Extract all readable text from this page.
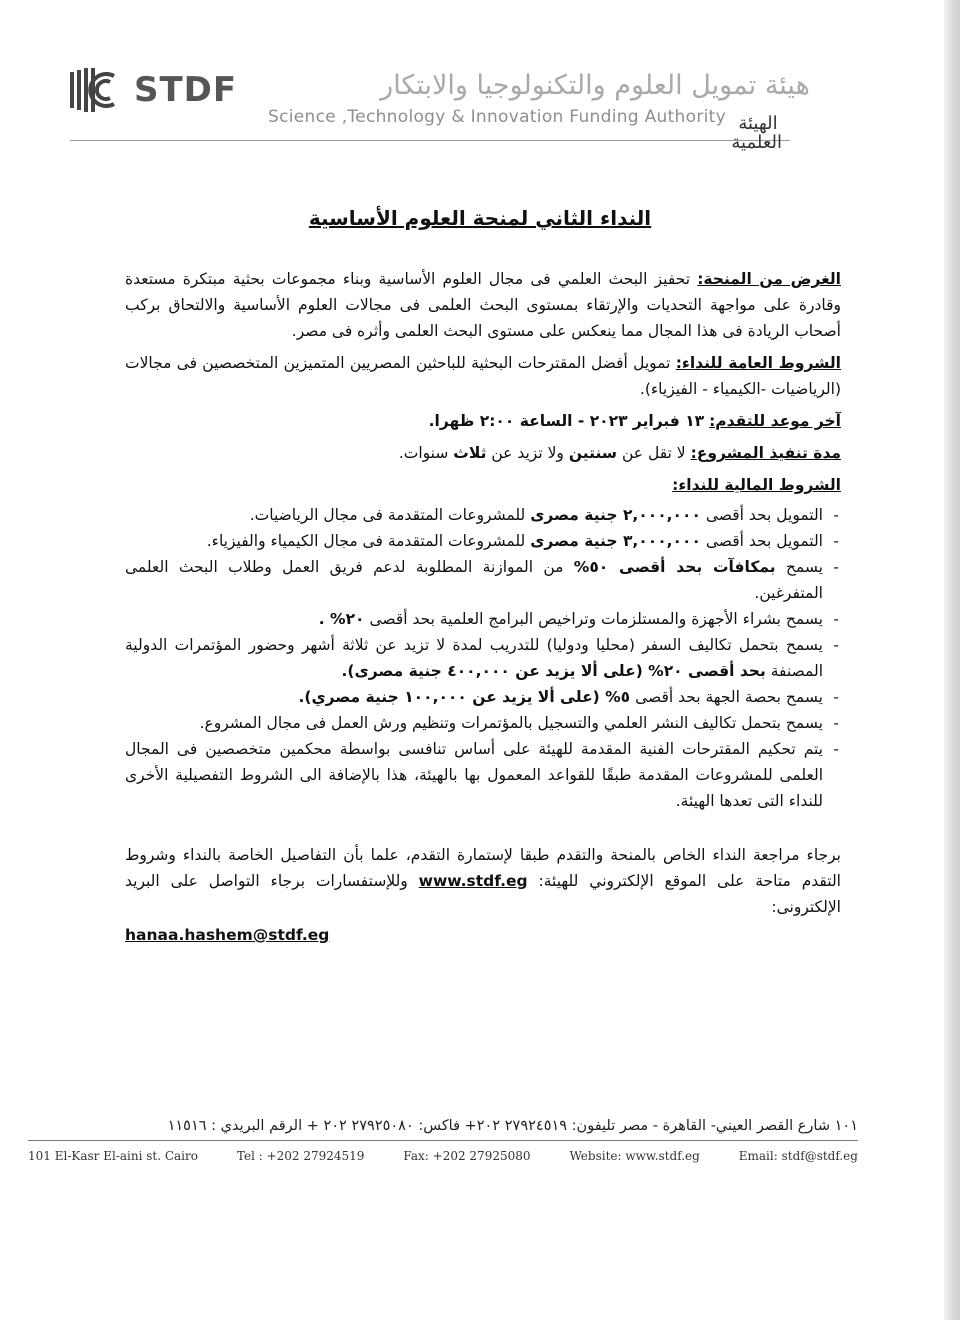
STDF	هيئة تمويل العلوم والتكنولوجيا والابتكار
Science ,Technology & Innovation Funding Authority الهيئة العلمية
النداء الثاني لمنحة العلوم الأساسية

الغرض من المنحة: تحفيز البحث العلمي فى مجال العلوم الأساسية وبناء مجموعات بحثية مبتكرة مستعدة وقادرة على مواجهة التحديات والإرتقاء بمستوى البحث العلمى فى مجالات العلوم الأساسية والالتحاق بركب أصحاب الريادة فى هذا المجال مما ينعكس على مستوى البحث العلمى وأثره فى مصر.

الشروط العامة للنداء: تمويل أفضل المقترحات البحثية للباحثين المصريين المتميزين المتخصصين فى مجالات (الرياضيات -الكيمياء - الفيزياء).

آخر موعد للتقدم: ١٣ فبراير ٢٠٢٣ - الساعة ٢:٠٠ ظهرا.

مدة تنفيذ المشروع: لا تقل عن سنتين ولا تزيد عن ثلاث سنوات.

الشروط المالية للنداء:

-
التمويل بحد أقصى ٢,٠٠٠,٠٠٠ جنية مصرى للمشروعات المتقدمة فى مجال الرياضيات.
-
التمويل بحد أقصى ٣,٠٠٠,٠٠٠ جنية مصرى للمشروعات المتقدمة فى مجال الكيمياء والفيزياء.
-
يسمح بمكافآت بحد أقصى ٥٠% من الموازنة المطلوبة لدعم فريق العمل وطلاب البحث العلمى المتفرغين.
-
يسمح بشراء الأجهزة والمستلزمات وتراخيص البرامج العلمية بحد أقصى ٢٠% .
-
يسمح بتحمل تكاليف السفر (محليا ودوليا) للتدريب لمدة لا تزيد عن ثلاثة أشهر وحضور المؤتمرات الدولية المصنفة بحد أقصى ٢٠% (على ألا يزيد عن ٤٠٠,٠٠٠ جنية مصرى).
-
يسمح بحصة الجهة بحد أقصى ٥% (على ألا يزيد عن ١٠٠,٠٠٠ جنية مصري).
-
يسمح بتحمل تكاليف النشر العلمي والتسجيل بالمؤتمرات وتنظيم ورش العمل فى مجال المشروع.
-
يتم تحكيم المقترحات الفنية المقدمة للهيئة على أساس تنافسى بواسطة محكمين متخصصين فى المجال العلمى للمشروعات المقدمة طبقًا للقواعد المعمول بها بالهيئة، هذا بالإضافة الى الشروط التفصيلية الأخرى للنداء التى تعدها الهيئة.

برجاء مراجعة النداء الخاص بالمنحة والتقدم طبقا لإستمارة التقدم، علما بأن التفاصيل الخاصة بالنداء وشروط التقدم متاحة على الموقع الإلكتروني للهيئة: www.stdf.eg وللإستفسارات برجاء التواصل على البريد الإلكترونى:
hanaa.hashem@stdf.eg

١٠١ شارع القصر العيني- القاهرة - مصر تليفون: ٢٧٩٢٤٥١٩ ٢٠٢+ فاكس: ٢٧٩٢٥٠٨٠ ٢٠٢ + الرقم البريدي : ١١٥١٦
101 El-Kasr El-aini st. Cairo	Tel : +202 27924519	Fax: +202 27925080	Website: www.stdf.eg	Email: stdf@stdf.eg
